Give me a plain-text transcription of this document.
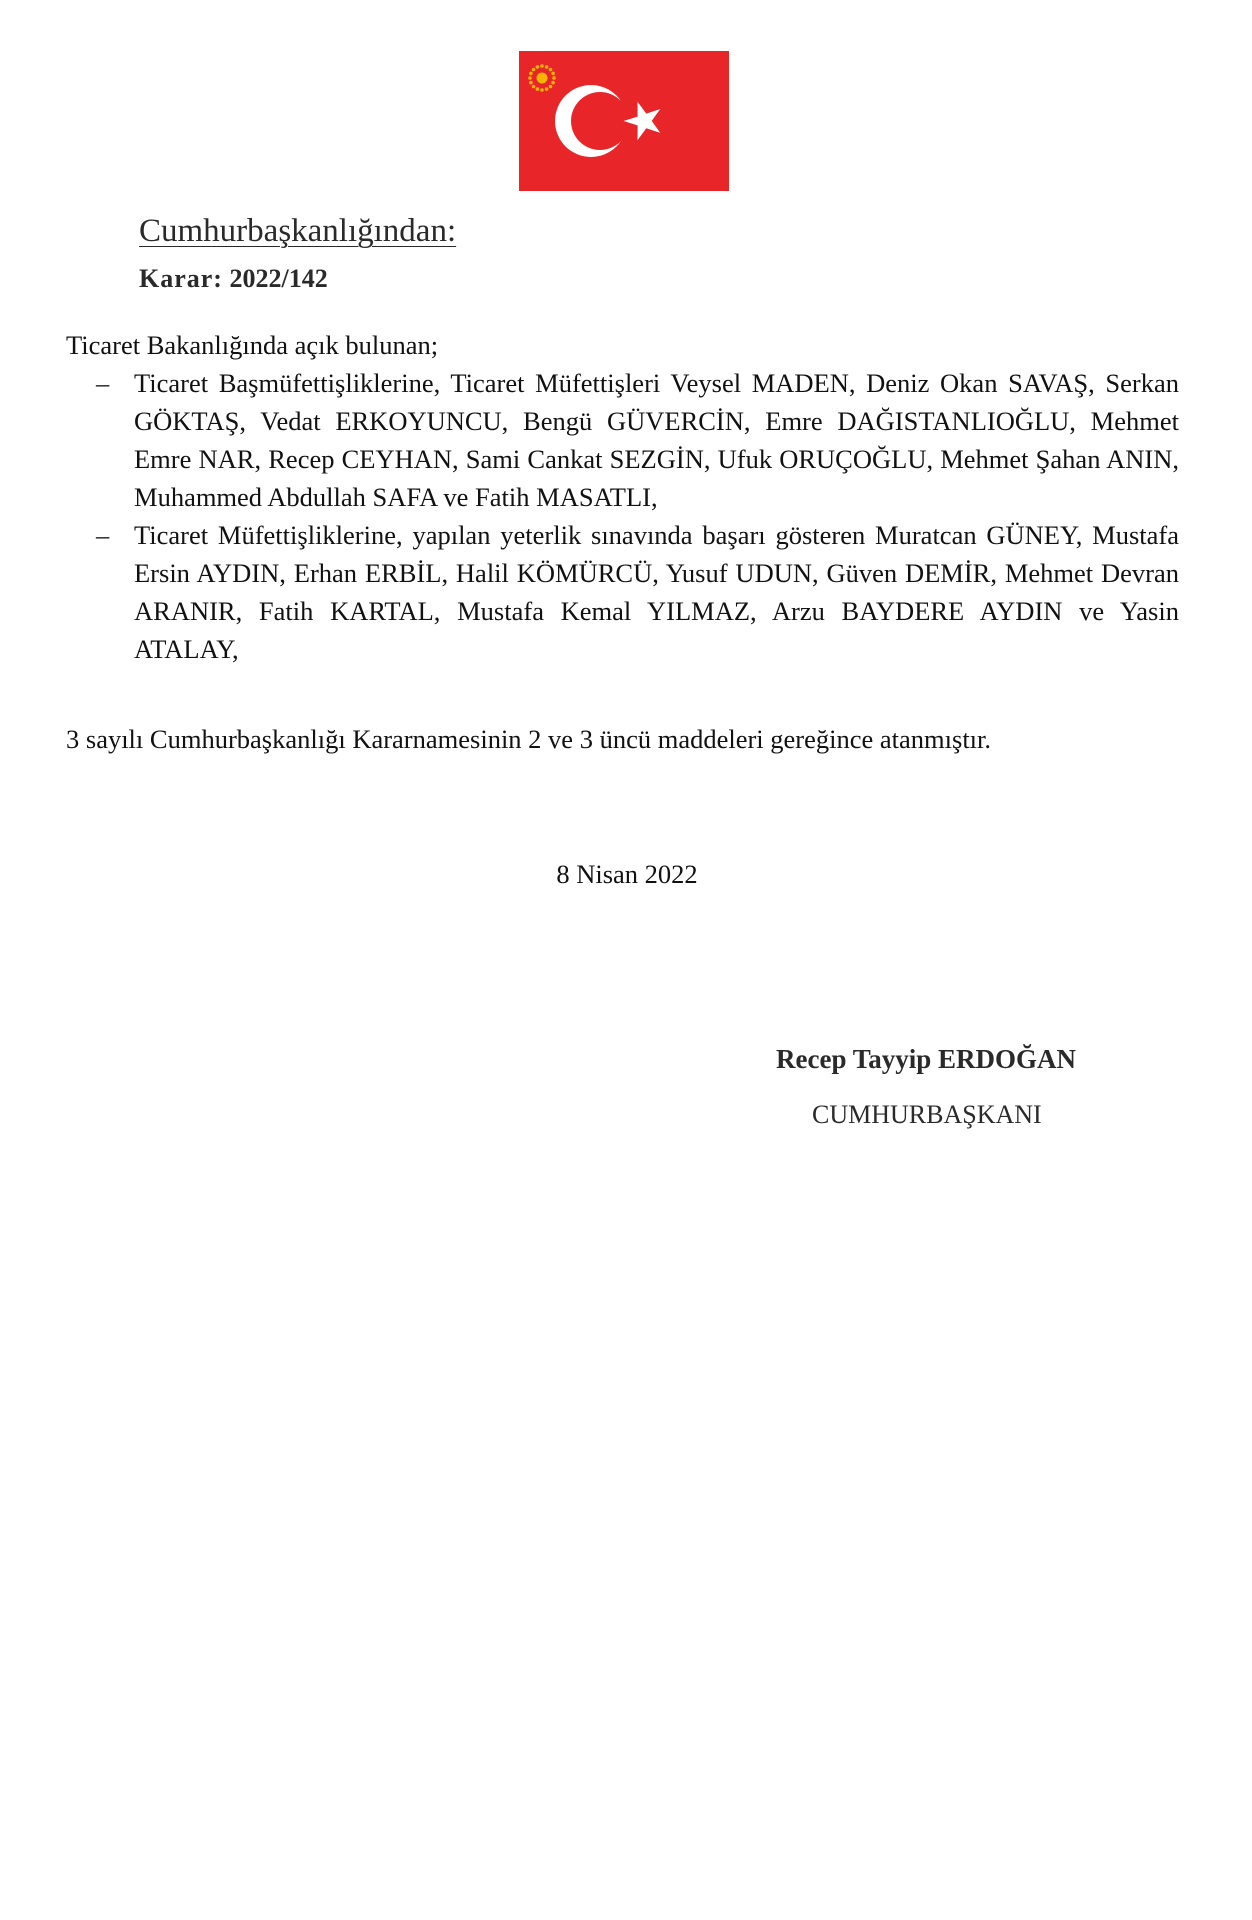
Cumhurbaşkanlığından:
Karar: 2022/142
Ticaret Bakanlığında açık bulunan;
– Ticaret Başmüfettişliklerine, Ticaret Müfettişleri Veysel MADEN, Deniz Okan SAVAŞ, Serkan GÖKTAŞ, Vedat ERKOYUNCU, Bengü GÜVERCİN, Emre DAĞISTANLIOĞLU, Mehmet Emre NAR, Recep CEYHAN, Sami Cankat SEZGİN, Ufuk ORUÇOĞLU, Mehmet Şahan ANIN, Muhammed Abdullah SAFA ve Fatih MASATLI,
– Ticaret Müfettişliklerine, yapılan yeterlik sınavında başarı gösteren Muratcan GÜNEY, Mustafa Ersin AYDIN, Erhan ERBİL, Halil KÖMÜRCÜ, Yusuf UDUN, Güven DEMİR, Mehmet Devran ARANIR, Fatih KARTAL, Mustafa Kemal YILMAZ, Arzu BAYDERE AYDIN ve Yasin ATALAY,
3 sayılı Cumhurbaşkanlığı Kararnamesinin 2 ve 3 üncü maddeleri gereğince atanmıştır.
8 Nisan 2022
Recep Tayyip ERDOĞAN
CUMHURBAŞKANI
